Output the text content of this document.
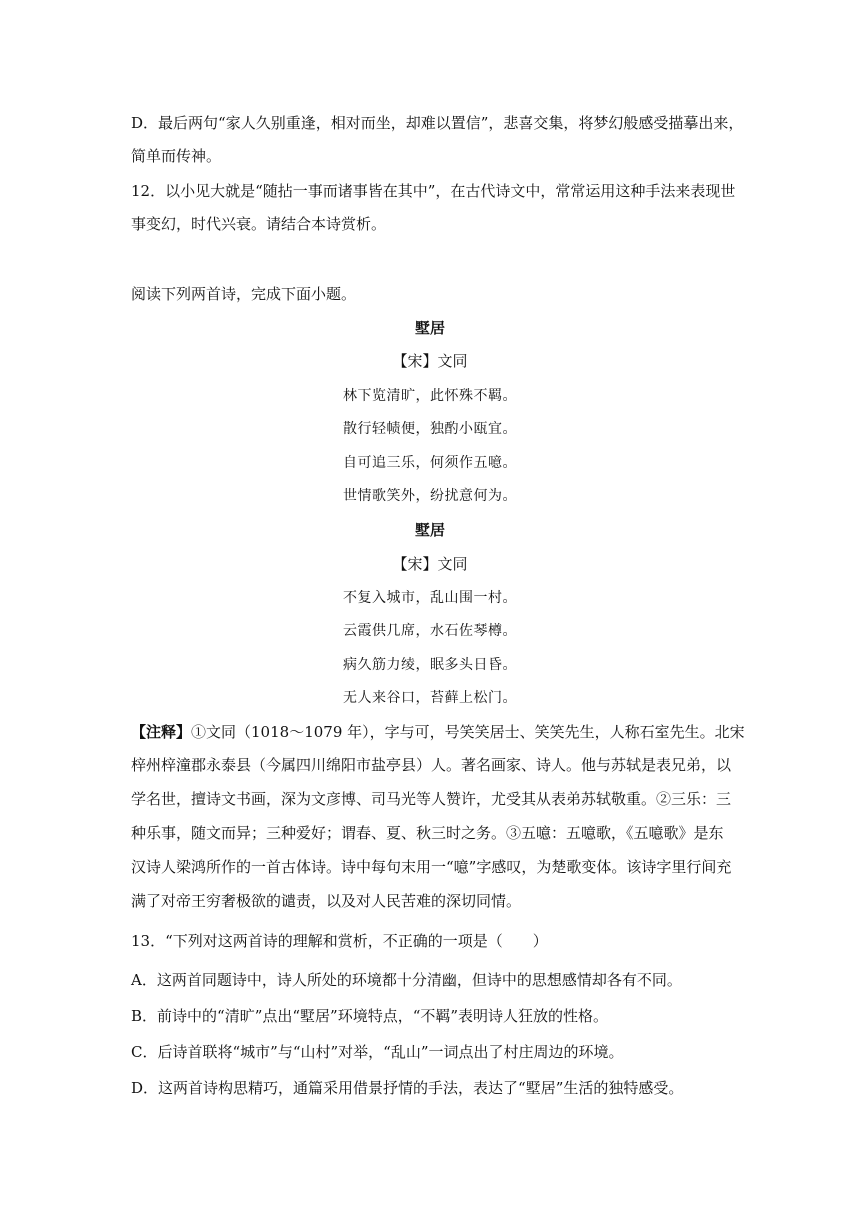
D．最后两句“家人久别重逢，相对而坐，却难以置信”，悲喜交集，将梦幻般感受描摹出来，
简单而传神。
12．以小见大就是“随拈一事而诸事皆在其中”，在古代诗文中，常常运用这种手法来表现世
事变幻，时代兴衰。请结合本诗赏析。
阅读下列两首诗，完成下面小题。
墅居
【宋】文同
林下览清旷，此怀殊不羁。
散行轻帻便，独酌小瓯宜。
自可追三乐，何须作五噫。
世情歌笑外，纷扰意何为。
墅居
【宋】文同
不复入城市，乱山围一村。
云霞供几席，水石佐琴樽。
病久筋力绫，眠多头日昏。
无人来谷口，苔藓上松门。
【注释】①文同（1018～1079 年），字与可，号笑笑居士、笑笑先生，人称石室先生。北宋
梓州梓潼郡永泰县（今属四川绵阳市盐亭县）人。著名画家、诗人。他与苏轼是表兄弟，以
学名世，擅诗文书画，深为文彦博、司马光等人赞许，尤受其从表弟苏轼敬重。②三乐：三
种乐事，随文而异；三种爱好；谓春、夏、秋三时之务。③五噫：五噫歌，《五噫歌》是东
汉诗人梁鸿所作的一首古体诗。诗中每句末用一“噫”字感叹，为楚歌变体。该诗字里行间充
满了对帝王穷奢极欲的谴责，以及对人民苦难的深切同情。
13．“下列对这两首诗的理解和赏析，不正确的一项是（　　）
A．这两首同题诗中，诗人所处的环境都十分清幽，但诗中的思想感情却各有不同。
B．前诗中的“清旷”点出“墅居”环境特点，“不羁”表明诗人狂放的性格。
C．后诗首联将“城市”与“山村”对举，“乱山”一词点出了村庄周边的环境。
D．这两首诗构思精巧，通篇采用借景抒情的手法，表达了“墅居”生活的独特感受。
